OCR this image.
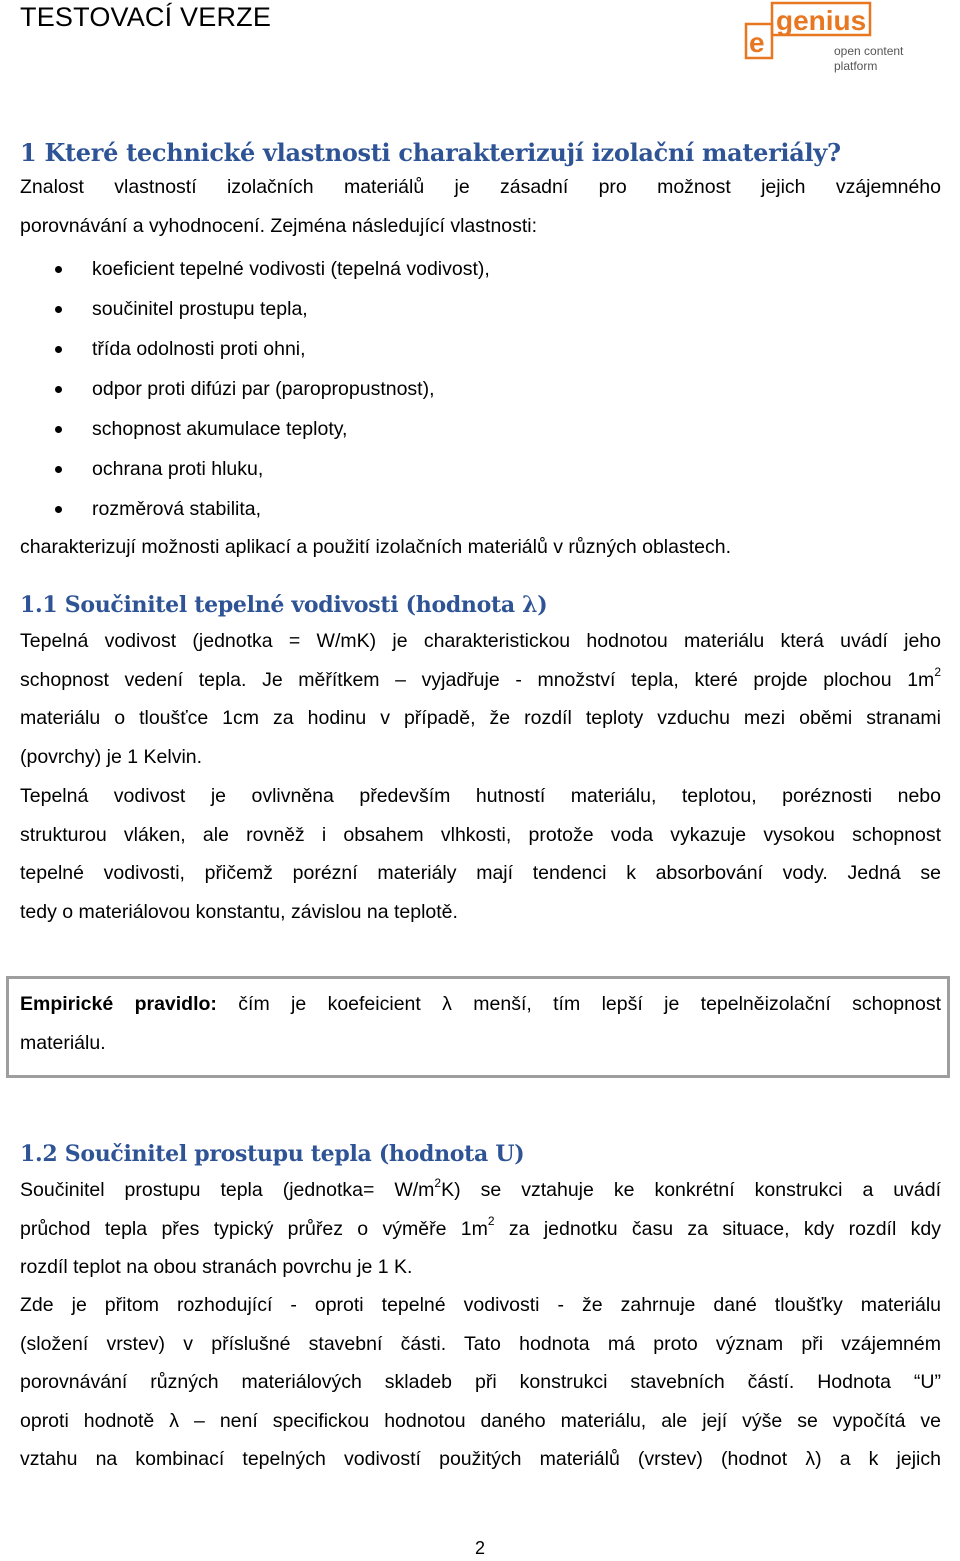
TESTOVACÍ VERZE
e
genius
open content
platform
1 Které technické vlastnosti charakterizují izolační materiály?
Znalost vlastností izolačních materiálů je zásadní pro možnost jejich vzájemného
porovnávání a vyhodnocení. Zejména následující vlastnosti:
koeficient tepelné vodivosti (tepelná vodivost),
součinitel prostupu tepla,
třída odolnosti proti ohni,
odpor proti difúzi par (paropropustnost),
schopnost akumulace teploty,
ochrana proti hluku,
rozměrová stabilita,
charakterizují možnosti aplikací a použití izolačních materiálů v různých oblastech.
1.1 Součinitel tepelné vodivosti (hodnota λ)
Tepelná vodivost (jednotka = W/mK) je charakteristickou hodnotou materiálu která uvádí jeho
schopnost vedení tepla. Je měřítkem – vyjadřuje - množství tepla, které projde plochou $1m^2$
materiálu o tloušťce 1cm za hodinu v případě, že rozdíl teploty vzduchu mezi oběmi stranami
(povrchy) je 1 Kelvin.
Tepelná vodivost je ovlivněna především hutností materiálu, teplotou, poréznosti nebo
strukturou vláken, ale rovněž i obsahem vlhkosti, protože voda vykazuje vysokou schopnost
tepelné vodivosti, přičemž porézní materiály mají tendenci k absorbování vody. Jedná se
tedy o materiálovou konstantu, závislou na teplotě.
Empirické pravidlo: čím je koefeicient λ menší, tím lepší je tepelněizolační schopnost
materiálu.
1.2 Součinitel prostupu tepla (hodnota U)
Součinitel prostupu tepla (jednotka= $W/m^2K$) se vztahuje ke konkrétní konstrukci a uvádí
průchod tepla přes typický průřez o výměře $1m^2$ za jednotku času za situace, kdy rozdíl kdy
rozdíl teplot na obou stranách povrchu je 1 K.
Zde je přitom rozhodující - oproti tepelné vodivosti - že zahrnuje dané tloušťky materiálu
(složení vrstev) v příslušné stavební části. Tato hodnota má proto význam při vzájemném
porovnávání různých materiálových skladeb při konstrukci stavebních částí. Hodnota “U”
oproti hodnotě λ – není specifickou hodnotou daného materiálu, ale její výše se vypočítá ve
vztahu na kombinací tepelných vodivostí použitých materiálů (vrstev) (hodnot λ) a k jejich
2
